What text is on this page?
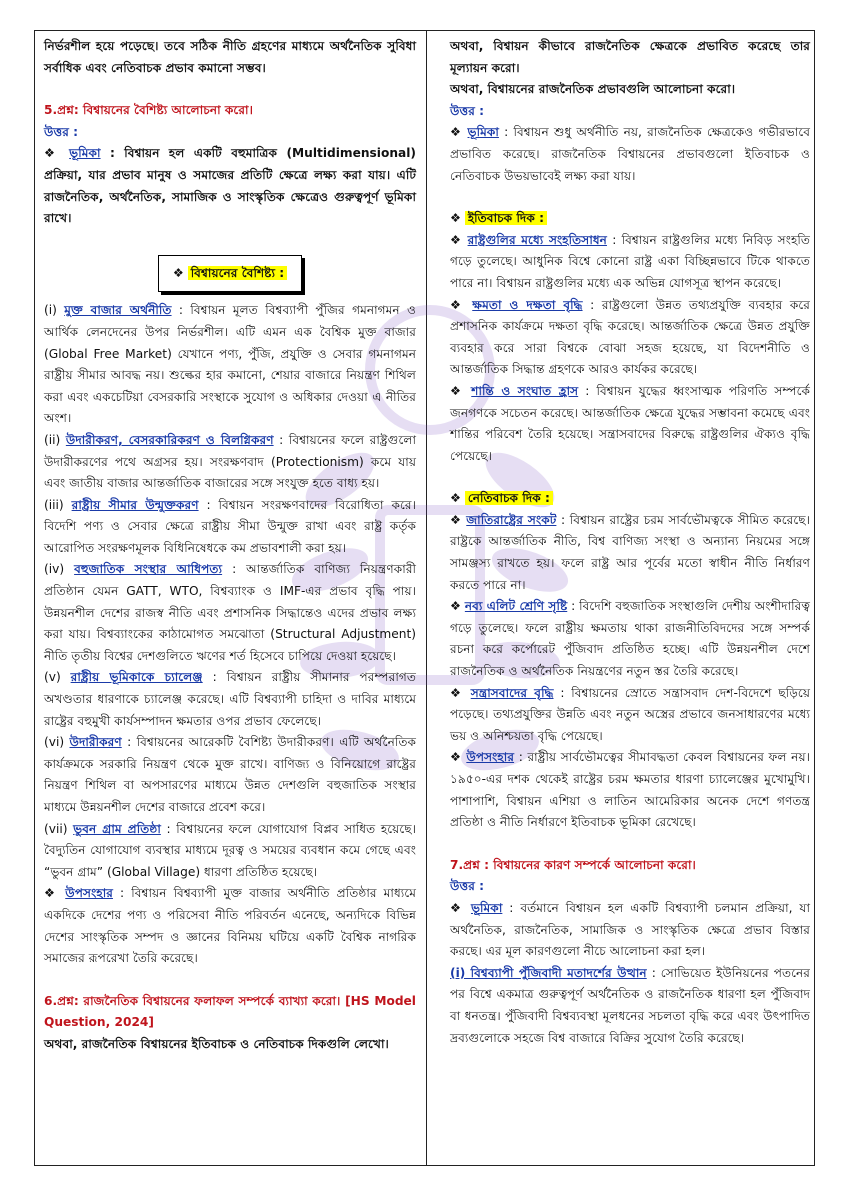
নির্ভরশীল হয়ে পড়েছে। তবে সঠিক নীতি গ্রহণের মাধ্যমে অর্থনৈতিক সুবিধা সর্বাধিক এবং নেতিবাচক প্রভাব কমানো সম্ভব।

5.প্রশ্ন: বিশ্বায়নের বৈশিষ্ট্য আলোচনা করো।

উত্তর :

❖ ভূমিকা : বিশ্বায়ন হল একটি বহুমাত্রিক (Multidimensional) প্রক্রিয়া, যার প্রভাব মানুষ ও সমাজের প্রতিটি ক্ষেত্রে লক্ষ্য করা যায়। এটি রাজনৈতিক, অর্থনৈতিক, সামাজিক ও সাংস্কৃতিক ক্ষেত্রেও গুরুত্বপূর্ণ ভূমিকা রাখে।

❖ বিশ্বায়নের বৈশিষ্ট্য :

(i) মুক্ত বাজার অর্থনীতি : বিশ্বায়ন মূলত বিশ্বব্যাপী পুঁজির গমনাগমন ও আর্থিক লেনদেনের উপর নির্ভরশীল। এটি এমন এক বৈশ্বিক মুক্ত বাজার (Global Free Market) যেখানে পণ্য, পুঁজি, প্রযুক্তি ও সেবার গমনাগমন রাষ্ট্রীয় সীমার আবদ্ধ নয়। শুল্কের হার কমানো, শেয়ার বাজারে নিয়ন্ত্রণ শিথিল করা এবং একচেটিয়া বেসরকারি সংস্থাকে সুযোগ ও অধিকার দেওয়া এ নীতির অংশ।

(ii) উদারীকরণ, বেসরকারিকরণ ও বিলগ্নিকরণ : বিশ্বায়নের ফলে রাষ্ট্রগুলো উদারীকরণের পথে অগ্রসর হয়। সংরক্ষণবাদ (Protectionism) কমে যায় এবং জাতীয় বাজার আন্তর্জাতিক বাজারের সঙ্গে সংযুক্ত হতে বাধ্য হয়।

(iii) রাষ্ট্রীয় সীমার উন্মুক্তকরণ : বিশ্বায়ন সংরক্ষণবাদের বিরোধিতা করে। বিদেশি পণ্য ও সেবার ক্ষেত্রে রাষ্ট্রীয় সীমা উন্মুক্ত রাখা এবং রাষ্ট্র কর্তৃক আরোপিত সংরক্ষণমূলক বিধিনিষেধকে কম প্রভাবশালী করা হয়।

(iv) বহুজাতিক সংস্থার আধিপত্য : আন্তর্জাতিক বাণিজ্য নিয়ন্ত্রণকারী প্রতিষ্ঠান যেমন GATT, WTO, বিশ্বব্যাংক ও IMF-এর প্রভাব বৃদ্ধি পায়। উন্নয়নশীল দেশের রাজস্ব নীতি এবং প্রশাসনিক সিদ্ধান্তেও এদের প্রভাব লক্ষ্য করা যায়। বিশ্বব্যাংকের কাঠামোগত সমঝোতা (Structural Adjustment) নীতি তৃতীয় বিশ্বের দেশগুলিতে ঋণের শর্ত হিসেবে চাপিয়ে দেওয়া হয়েছে।

(v) রাষ্ট্রীয় ভূমিকাকে চ্যালেঞ্জ : বিশ্বায়ন রাষ্ট্রীয় সীমানার পরম্পরাগত অখণ্ডতার ধারণাকে চ্যালেঞ্জ করেছে। এটি বিশ্বব্যাপী চাহিদা ও দাবির মাধ্যমে রাষ্ট্রের বহুমুখী কার্যসম্পাদন ক্ষমতার ওপর প্রভাব ফেলেছে।

(vi) উদারীকরণ : বিশ্বায়নের আরেকটি বৈশিষ্ট্য উদারীকরণ। এটি অর্থনৈতিক কার্যক্রমকে সরকারি নিয়ন্ত্রণ থেকে মুক্ত রাখে। বাণিজ্য ও বিনিয়োগে রাষ্ট্রের নিয়ন্ত্রণ শিথিল বা অপসারণের মাধ্যমে উন্নত দেশগুলি বহুজাতিক সংস্থার মাধ্যমে উন্নয়নশীল দেশের বাজারে প্রবেশ করে।

(vii) ভুবন গ্রাম প্রতিষ্ঠা : বিশ্বায়নের ফলে যোগাযোগ বিপ্লব সাধিত হয়েছে। বৈদ্যুতিন যোগাযোগ ব্যবস্থার মাধ্যমে দূরত্ব ও সময়ের ব্যবধান কমে গেছে এবং “ভুবন গ্রাম” (Global Village) ধারণা প্রতিষ্ঠিত হয়েছে।

❖ উপসংহার : বিশ্বায়ন বিশ্বব্যাপী মুক্ত বাজার অর্থনীতি প্রতিষ্ঠার মাধ্যমে একদিকে দেশের পণ্য ও পরিসেবা নীতি পরিবর্তন এনেছে, অন্যদিকে বিভিন্ন দেশের সাংস্কৃতিক সম্পদ ও জ্ঞানের বিনিময় ঘটিয়ে একটি বৈশ্বিক নাগরিক সমাজের রূপরেখা তৈরি করেছে।

6.প্রশ্ন: রাজনৈতিক বিশ্বায়নের ফলাফল সম্পর্কে ব্যাখ্যা করো। [HS Model Question, 2024]

অথবা, রাজনৈতিক বিশ্বায়নের ইতিবাচক ও নেতিবাচক দিকগুলি লেখো।

অথবা, বিশ্বায়ন কীভাবে রাজনৈতিক ক্ষেত্রকে প্রভাবিত করেছে তার মূল্যায়ন করো।

অথবা, বিশ্বায়নের রাজনৈতিক প্রভাবগুলি আলোচনা করো।

উত্তর :

❖ ভূমিকা : বিশ্বায়ন শুধু অর্থনীতি নয়, রাজনৈতিক ক্ষেত্রকেও গভীরভাবে প্রভাবিত করেছে। রাজনৈতিক বিশ্বায়নের প্রভাবগুলো ইতিবাচক ও নেতিবাচক উভয়ভাবেই লক্ষ্য করা যায়।

❖ ইতিবাচক দিক :

❖ রাষ্ট্রগুলির মধ্যে সংহতিসাধন : বিশ্বায়ন রাষ্ট্রগুলির মধ্যে নিবিড় সংহতি গড়ে তুলেছে। আধুনিক বিশ্বে কোনো রাষ্ট্র একা বিচ্ছিন্নভাবে টিকে থাকতে পারে না। বিশ্বায়ন রাষ্ট্রগুলির মধ্যে এক অভিন্ন যোগসূত্র স্থাপন করেছে।

❖ ক্ষমতা ও দক্ষতা বৃদ্ধি : রাষ্ট্রগুলো উন্নত তথ্যপ্রযুক্তি ব্যবহার করে প্রশাসনিক কার্যক্রমে দক্ষতা বৃদ্ধি করেছে। আন্তর্জাতিক ক্ষেত্রে উন্নত প্রযুক্তি ব্যবহার করে সারা বিশ্বকে বোঝা সহজ হয়েছে, যা বিদেশনীতি ও আন্তর্জাতিক সিদ্ধান্ত গ্রহণকে আরও কার্যকর করেছে।

❖ শান্তি ও সংঘাত হ্রাস : বিশ্বায়ন যুদ্ধের ধ্বংসাত্মক পরিণতি সম্পর্কে জনগণকে সচেতন করেছে। আন্তর্জাতিক ক্ষেত্রে যুদ্ধের সম্ভাবনা কমেছে এবং শান্তির পরিবেশ তৈরি হয়েছে। সন্ত্রাসবাদের বিরুদ্ধে রাষ্ট্রগুলির ঐক্যও বৃদ্ধি পেয়েছে।

❖ নেতিবাচক দিক :

❖ জাতিরাষ্ট্রের সংকট : বিশ্বায়ন রাষ্ট্রের চরম সার্বভৌমত্বকে সীমিত করেছে। রাষ্ট্রকে আন্তর্জাতিক নীতি, বিশ্ব বাণিজ্য সংস্থা ও অন্যান্য নিয়মের সঙ্গে সামঞ্জস্য রাখতে হয়। ফলে রাষ্ট্র আর পূর্বের মতো স্বাধীন নীতি নির্ধারণ করতে পারে না।

❖ নব্য এলিট শ্রেণি সৃষ্টি : বিদেশি বহুজাতিক সংস্থাগুলি দেশীয় অংশীদারিত্ব গড়ে তুলেছে। ফলে রাষ্ট্রীয় ক্ষমতায় থাকা রাজনীতিবিদদের সঙ্গে সম্পর্ক রচনা করে কর্পোরেট পুঁজিবাদ প্রতিষ্ঠিত হচ্ছে। এটি উন্নয়নশীল দেশে রাজনৈতিক ও অর্থনৈতিক নিয়ন্ত্রণের নতুন স্তর তৈরি করেছে।

❖ সন্ত্রাসবাদের বৃদ্ধি : বিশ্বায়নের স্রোতে সন্ত্রাসবাদ দেশ-বিদেশে ছড়িয়ে পড়েছে। তথ্যপ্রযুক্তির উন্নতি এবং নতুন অস্ত্রের প্রভাবে জনসাধারণের মধ্যে ভয় ও অনিশ্চয়তা বৃদ্ধি পেয়েছে।

❖ উপসংহার : রাষ্ট্রীয় সার্বভৌমত্বের সীমাবদ্ধতা কেবল বিশ্বায়নের ফল নয়। ১৯৫০-এর দশক থেকেই রাষ্ট্রের চরম ক্ষমতার ধারণা চ্যালেঞ্জের মুখোমুখি। পাশাপাশি, বিশ্বায়ন এশিয়া ও লাতিন আমেরিকার অনেক দেশে গণতন্ত্র প্রতিষ্ঠা ও নীতি নির্ধারণে ইতিবাচক ভূমিকা রেখেছে।

7.প্রশ্ন : বিশ্বায়নের কারণ সম্পর্কে আলোচনা করো।

উত্তর :

❖ ভূমিকা : বর্তমানে বিশ্বায়ন হল একটি বিশ্বব্যাপী চলমান প্রক্রিয়া, যা অর্থনৈতিক, রাজনৈতিক, সামাজিক ও সাংস্কৃতিক ক্ষেত্রে প্রভাব বিস্তার করছে। এর মূল কারণগুলো নীচে আলোচনা করা হল।

(i) বিশ্বব্যাপী পুঁজিবাদী মতাদর্শের উত্থান : সোভিয়েত ইউনিয়নের পতনের পর বিশ্বে একমাত্র গুরুত্বপূর্ণ অর্থনৈতিক ও রাজনৈতিক ধারণা হল পুঁজিবাদ বা ধনতন্ত্র। পুঁজিবাদী বিশ্বব্যবস্থা মূলধনের সচলতা বৃদ্ধি করে এবং উৎপাদিত দ্রব্যগুলোকে সহজে বিশ্ব বাজারে বিক্রির সুযোগ তৈরি করেছে।
